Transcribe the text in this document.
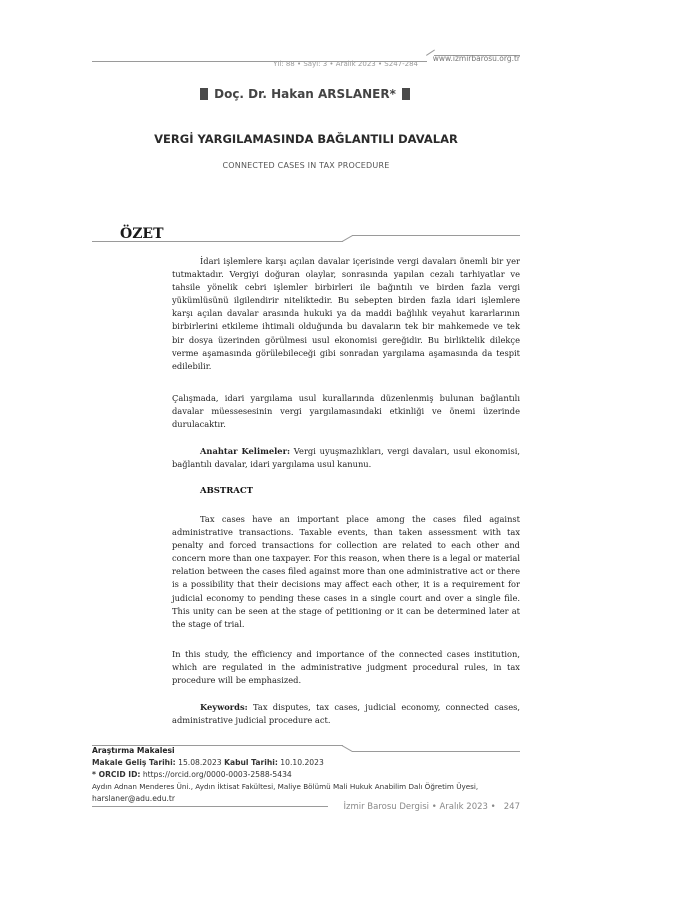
Yıl: 88 • Sayı: 3 • Aralık 2023 • S247-284
www.izmirbarosu.org.tr
Doç. Dr. Hakan ARSLANER*
VERGİ YARGILAMASINDA BAĞLANTILI DAVALAR
CONNECTED CASES IN TAX PROCEDURE
ÖZET

İdari işlemlere karşı açılan davalar içerisinde vergi davaları önemli bir yer tutmaktadır. Vergiyi doğuran olaylar, sonrasında yapılan cezalı tarhiyatlar ve tahsile yönelik cebri işlemler birbirleri ile bağıntılı ve birden fazla vergi yükümlüsünü ilgilendirir niteliktedir. Bu sebepten birden fazla idari işlemlere karşı açılan davalar arasında hukuki ya da maddi bağlılık veyahut kararlarının birbirlerini etkileme ihtimali olduğunda bu davaların tek bir mahkemede ve tek bir dosya üzerinden görülmesi usul ekonomisi gereğidir. Bu birliktelik dilekçe verme aşamasında görülebileceği gibi sonradan yargılama aşamasında da tespit edilebilir.

Çalışmada, idari yargılama usul kurallarında düzenlenmiş bulunan bağlantılı davalar müessesesinin vergi yargılamasındaki etkinliği ve önemi üzerinde durulacaktır.

Anahtar Kelimeler: Vergi uyuşmazlıkları, vergi davaları, usul ekonomisi, bağlantılı davalar, idari yargılama usul kanunu.

ABSTRACT

Tax cases have an important place among the cases filed against administrative transactions. Taxable events, than taken assessment with tax penalty and forced transactions for collection are related to each other and concern more than one taxpayer. For this reason, when there is a legal or material relation between the cases filed against more than one administrative act or there is a possibility that their decisions may affect each other, it is a requirement for judicial economy to pending these cases in a single court and over a single file. This unity can be seen at the stage of petitioning or it can be determined later at the stage of trial.

In this study, the efficiency and importance of the connected cases institution, which are regulated in the administrative judgment procedural rules, in tax procedure will be emphasized.

Keywords: Tax disputes, tax cases, judicial economy, connected cases, administrative judicial procedure act.

Araştırma Makalesi
Makale Geliş Tarihi: 15.08.2023 Kabul Tarihi: 10.10.2023
* ORCID ID: https://orcid.org/0000-0003-2588-5434
Aydın Adnan Menderes Üni., Aydın İktisat Fakültesi, Maliye Bölümü Mali Hukuk Anabilim Dalı Öğretim Üyesi,
harslaner@adu.edu.tr
İzmir Barosu Dergisi • Aralık 2023 • 247
